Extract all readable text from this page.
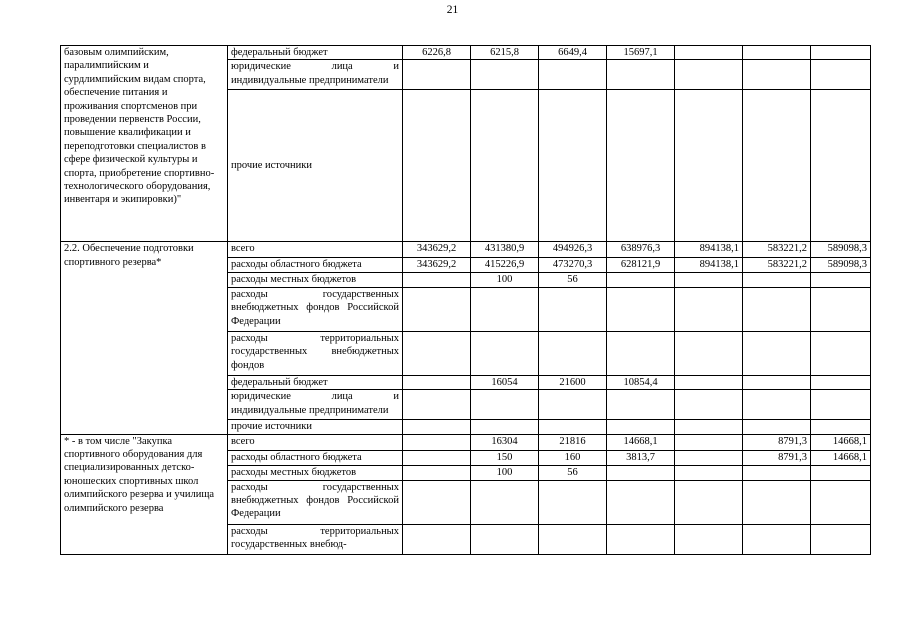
21
базовым олимпийским, паралимпийским и сурдлимпийским видам спорта, обеспечение питания и проживания спортсменов при проведении первенств России, повышение квалификации и переподготовки специалистов в сфере физической культуры и спорта, приобретение спортивно-технологического оборудования, инвентаря и экипировки)"	федеральный бюджет	6226,8	6215,8	6649,4	15697,1			
	юридические лица и индивидуальные предприниматели							
	прочие источники							
2.2. Обеспечение подготовки спортивного резерва*	всего	343629,2	431380,9	494926,3	638976,3	894138,1	583221,2	589098,3
	расходы областного бюджета	343629,2	415226,9	473270,3	628121,9	894138,1	583221,2	589098,3
	расходы местных бюджетов		100	56				
	расходы государственных внебюджетных фондов Российской Федерации							
	расходы территориальных государственных внебюджетных фондов							
	федеральный бюджет		16054	21600	10854,4			
	юридические лица и индивидуальные предприниматели							
	прочие источники							
* - в том числе "Закупка спортивного оборудования для специализированных детско-юношеских спортивных школ олимпийского резерва и училища олимпийского резерва	всего		16304	21816	14668,1		8791,3	14668,1
	расходы областного бюджета		150	160	3813,7		8791,3	14668,1
	расходы местных бюджетов		100	56				
	расходы государственных внебюджетных фондов Российской Федерации							
	расходы территориальных государственных внебюд-							
